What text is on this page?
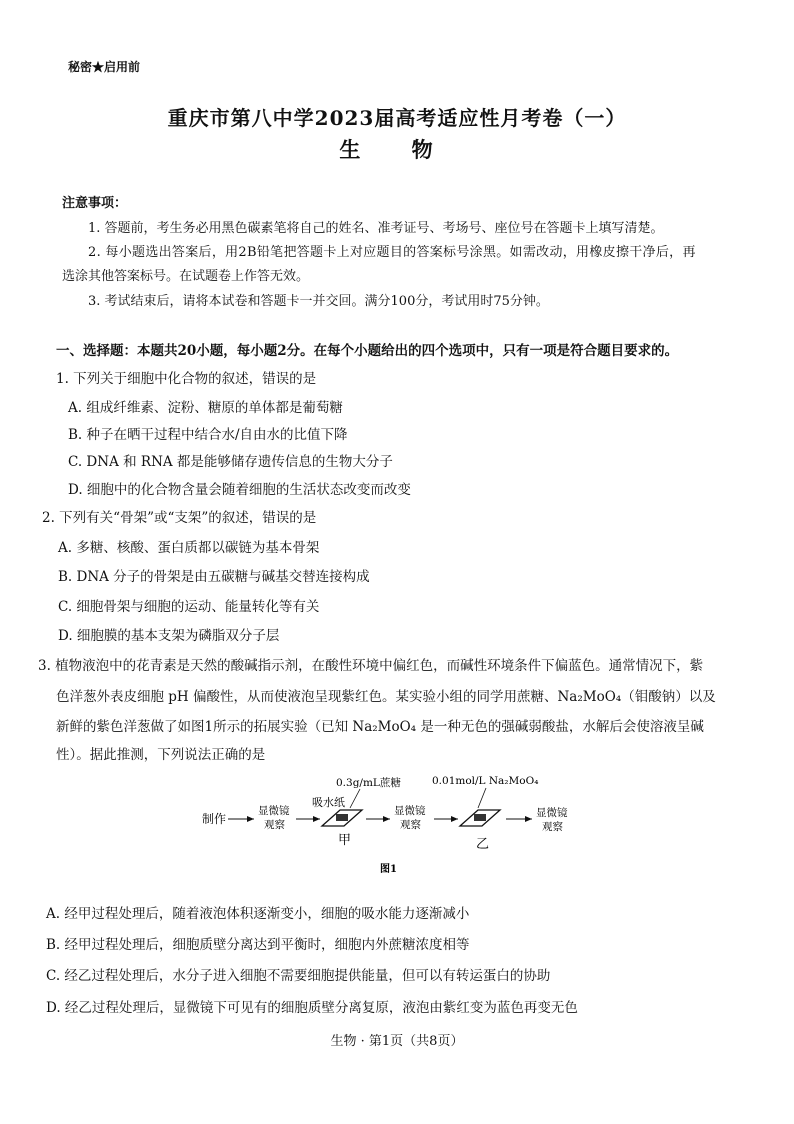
秘密★启用前
重庆市第八中学2023届高考适应性月考卷（一）
生 物
注意事项：
1. 答题前，考生务必用黑色碳素笔将自己的姓名、准考证号、考场号、座位号在答题卡上填写清楚。
2. 每小题选出答案后，用2B铅笔把答题卡上对应题目的答案标号涂黑。如需改动，用橡皮擦干净后，再
选涂其他答案标号。在试题卷上作答无效。
3. 考试结束后，请将本试卷和答题卡一并交回。满分100分，考试用时75分钟。
一、选择题：本题共20小题，每小题2分。在每个小题给出的四个选项中，只有一项是符合题目要求的。
1. 下列关于细胞中化合物的叙述，错误的是
A. 组成纤维素、淀粉、糖原的单体都是葡萄糖
B. 种子在晒干过程中结合水/自由水的比值下降
C. DNA 和 RNA 都是能够储存遗传信息的生物大分子
D. 细胞中的化合物含量会随着细胞的生活状态改变而改变
2. 下列有关“骨架”或“支架”的叙述，错误的是
A. 多糖、核酸、蛋白质都以碳链为基本骨架
B. DNA 分子的骨架是由五碳糖与碱基交替连接构成
C. 细胞骨架与细胞的运动、能量转化等有关
D. 细胞膜的基本支架为磷脂双分子层
3. 植物液泡中的花青素是天然的酸碱指示剂，在酸性环境中偏红色，而碱性环境条件下偏蓝色。通常情况下，紫
色洋葱外表皮细胞 pH 偏酸性，从而使液泡呈现紫红色。某实验小组的同学用蔗糖、Na₂MoO₄（钼酸钠）以及
新鲜的紫色洋葱做了如图1所示的拓展实验（已知 Na₂MoO₄ 是一种无色的强碱弱酸盐，水解后会使溶液呈碱
性）。据此推测，下列说法正确的是
制作
显微镜
观察
0.3g/mL蔗糖
吸水纸
甲
显微镜
观察
0.01mol/L Na₂MoO₄
乙
显微镜
观察
图1
A. 经甲过程处理后，随着液泡体积逐渐变小，细胞的吸水能力逐渐减小
B. 经甲过程处理后，细胞质壁分离达到平衡时，细胞内外蔗糖浓度相等
C. 经乙过程处理后，水分子进入细胞不需要细胞提供能量，但可以有转运蛋白的协助
D. 经乙过程处理后，显微镜下可见有的细胞质壁分离复原，液泡由紫红变为蓝色再变无色
生物 · 第1页（共8页）
